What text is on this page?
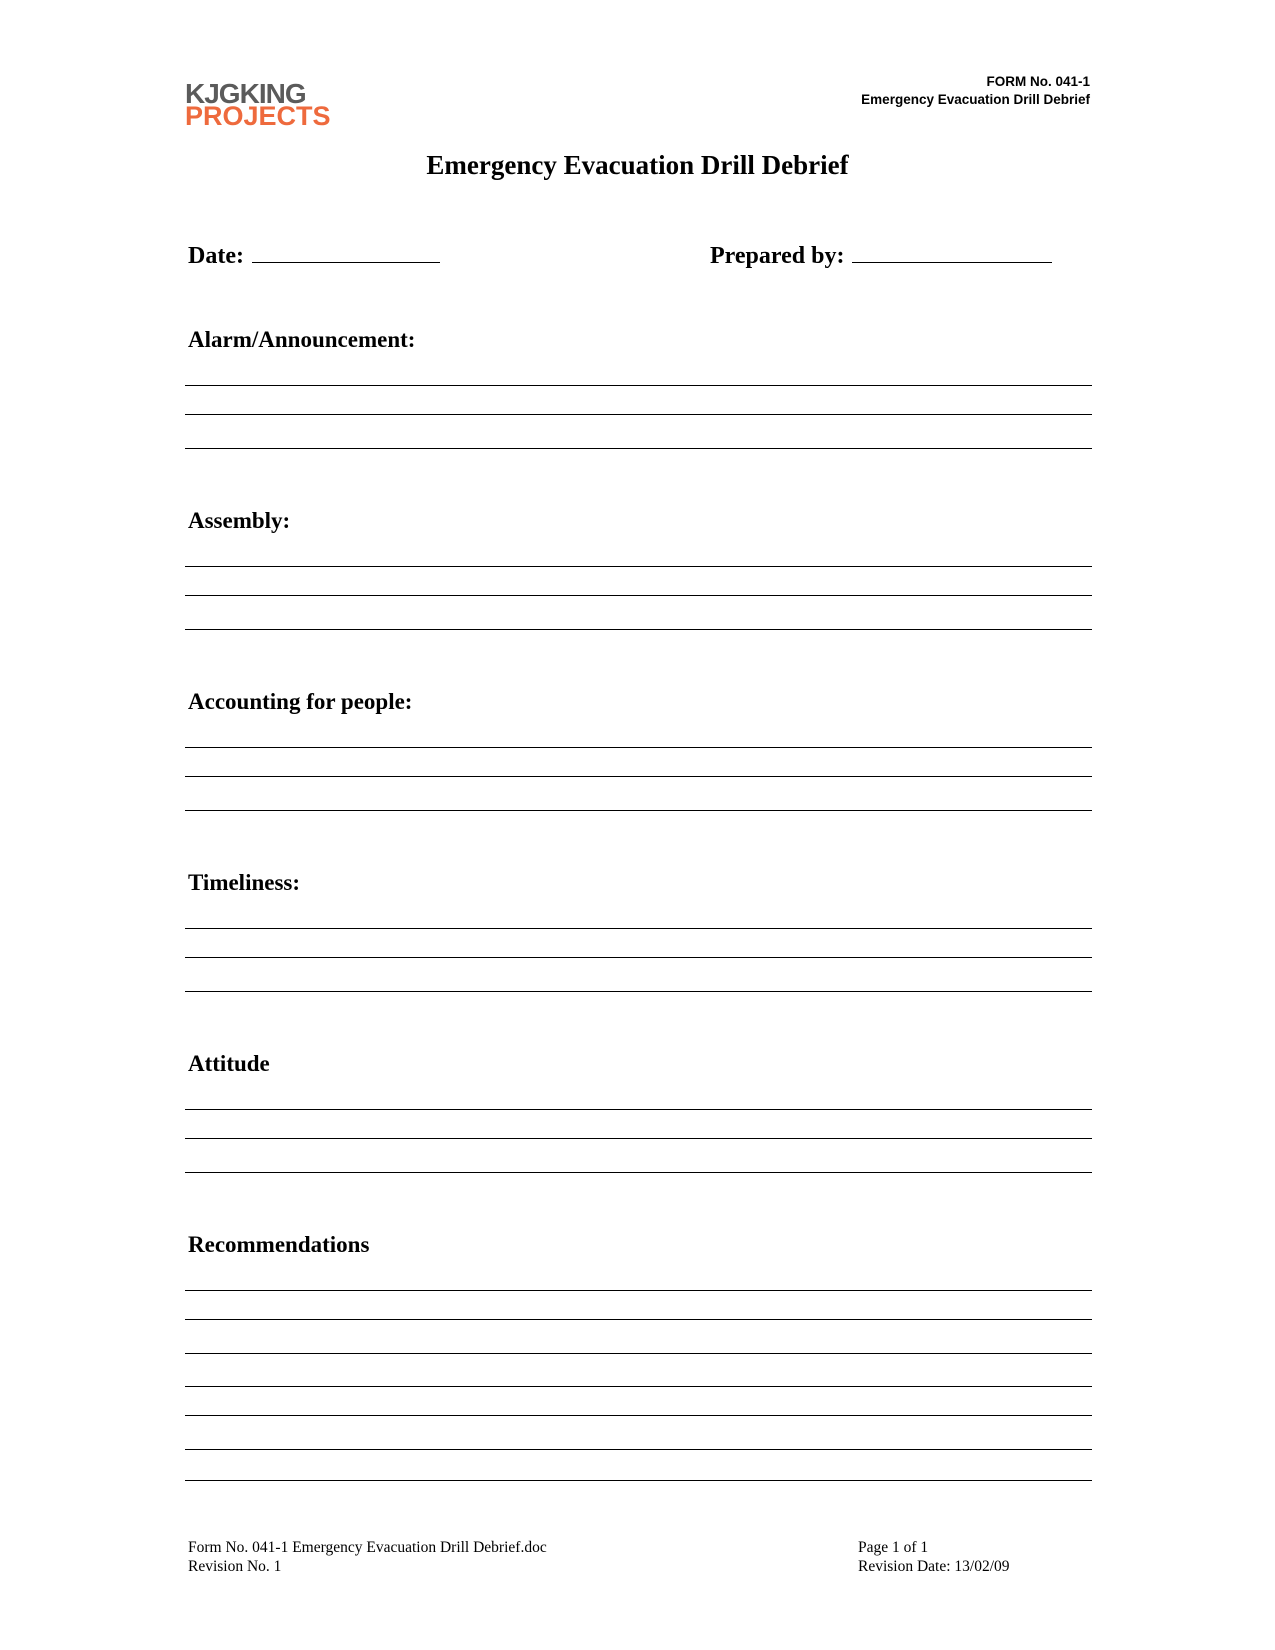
KJGKING
PROJECTS
FORM No. 041-1
Emergency Evacuation Drill Debrief
Emergency Evacuation Drill Debrief
Date:	Prepared by:
Alarm/Announcement:
Assembly:
Accounting for people:
Timeliness:
Attitude
Recommendations
Form No. 041-1 Emergency Evacuation Drill Debrief.doc
Revision No. 1
Page 1 of 1
Revision Date: 13/02/09
